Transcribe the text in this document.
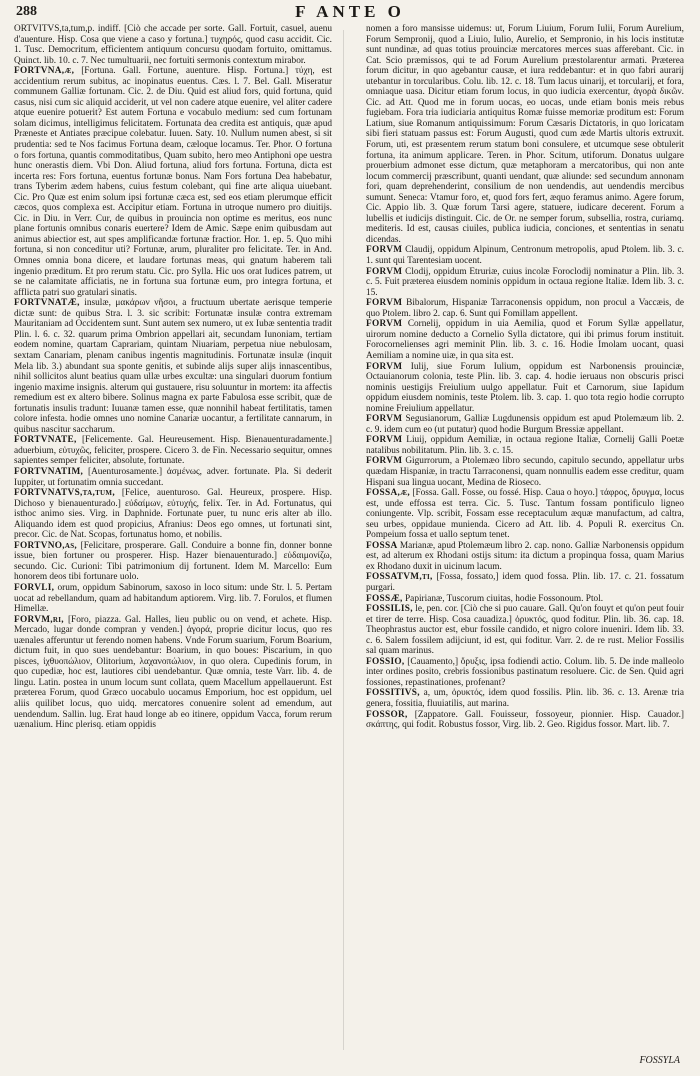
288	F ANTE O

ORTVITVS,ta,tum,p. indiff. [Ciò che accade per sorte. Gall. Fortuit, casuel, auenu d'auenture. Hisp. Cosa que viene a caso y fortuna.] τυχηρός, quod casu accidit. Cic. 1. Tusc. Democritum, efficientem antiquum concursu quodam fortuito, omittamus. Quinct. lib. 10. c. 7. Nec tumultuarii, nec fortuiti sermonis contextum mirabor.

FORTVNA,æ, [Fortuna. Gall. Fortune, auenture. Hisp. Fortuna.] τύχη, est accidentium rerum subitus, ac inopinatus euentus. Cæs. l. 7. Bel. Gall. Miseratur communem Galliæ fortunam. Cic. 2. de Diu. Quid est aliud fors, quid fortuna, quid casus, nisi cum sic aliquid acciderit, ut vel non cadere atque euenire, vel aliter cadere atque euenire potuerit? Est autem Fortuna e vocabulo medium: sed cum fortunam solam dicimus, intelligimus felicitatem. Fortunata dea credita est antiquis, quæ apud Præneste et Antiates præcipue colebatur. Iuuen. Saty. 10. Nullum numen abest, si sit prudentia: sed te Nos facimus Fortuna deam, cæloque locamus. Ter. Phor. O fortuna o fors fortuna, quantis commoditatibus, Quam subito, hero meo Antiphoni ope uestra hunc onerastis diem. Vbi Don. Aliud fortuna, aliud fors fortuna. Fortuna, dicta est incerta res: Fors fortuna, euentus fortunæ bonus. Nam Fors fortuna Dea habebatur, trans Tyberim ædem habens, cuius festum colebant, qui fine arte aliqua uiuebant. Cic. Pro Quæ est enim solum ipsi fortunæ cæca est, sed eos etiam plerumque efficit cæcos, quos complexa est. Accipitur etiam. Fortuna in utroque numero pro diuitijs. Cic. in Diu. in Verr. Cur, de quibus in prouincia non optime es meritus, eos nunc plane fortunis omnibus conaris euertere? Idem de Amic. Sæpe enim quibusdam aut animus abiectior est, aut spes amplificandæ fortunæ fractior. Hor. 1. ep. 5. Quo mihi fortuna, si non conceditur uti? Fortunæ, arum, pluraliter pro felicitate. Ter. in And. Omnes omnia bona dicere, et laudare fortunas meas, qui gnatum haberem tali ingenio præditum. Et pro rerum statu. Cic. pro Sylla. Hic uos orat Iudices patrem, ut se ne calamitate afficiatis, ne in fortuna sua fortunæ eum, pro integra fortuna, et afflicta patri suo gratulari sinatis.

FORTVNATÆ, insulæ, μακάρων νῆσοι, a fructuum ubertate aerisque temperie dictæ sunt: de quibus Stra. l. 3. sic scribit: Fortunatæ insulæ contra extremam Mauritaniam ad Occidentem sunt. Sunt autem sex numero, ut ex Iubæ sententia tradit Plin. l. 6. c. 32. quarum prima Ombrion appellari ait, secundam Iunoniam, tertiam eodem nomine, quartam Caprariam, quintam Niuariam, perpetua niue nebulosam, sextam Canariam, plenam canibus ingentis magnitudinis. Fortunatæ insulæ (inquit Mela lib. 3.) abundant sua sponte genitis, et subinde alijs super alijs innascentibus, nihil sollicitos alunt beatius quam ullæ urbes excultæ: una singulari duorum fontium ingenio maxime insignis. alterum qui gustauere, risu soluuntur in mortem: ita affectis remedium est ex altero bibere. Solinus magna ex parte Fabulosa esse scribit, quæ de fortunatis insulis tradunt: Iuuanæ tamen esse, quæ nonnihil habeat fertilitatis, tamen colore infesta. hodie omnes uno nomine Canariæ uocantur, a fertilitate cannarum, in quibus nascitur saccharum.

FORTVNATE, [Felicemente. Gal. Heureusement. Hisp. Bienauenturadamente.] aduerbium, εὐτυχῶς, feliciter, prospere. Cicero 3. de Fin. Necessario sequitur, omnes sapientes semper feliciter, absolute, fortunate.

FORTVNATIM, [Auenturosamente.] ἀσμένως, adver. fortunate. Pla. Si dederit Iuppiter, ut fortunatim omnia succedant.

FORTVNATVS,ta,tum, [Felice, auenturoso. Gal. Heureux, prospere. Hisp. Dichoso y bienauenturado.] εὐδαίμων, εὐτυχής, felix. Ter. in Ad. Fortunatus, qui isthoc animo sies. Virg. in Daphnide. Fortunate puer, tu nunc eris alter ab illo. Aliquando idem est quod propicius, Afranius: Deos ego omnes, ut fortunati sint, precor. Cic. de Nat. Scopas, fortunatus homo, et nobilis.

FORTVNO,as, [Felicitare, prosperare. Gall. Conduire a bonne fin, donner bonne issue, bien fortuner ou prosperer. Hisp. Hazer bienauenturado.] εὐδαιμονίζω, secundo. Cic. Curioni: Tibi patrimonium dij fortunent. Idem M. Marcello: Eum honorem deos tibi fortunare uolo.

FORVLI, orum, oppidum Sabinorum, saxoso in loco situm: unde Str. l. 5. Pertam uocat ad rebellandum, quam ad habitandum aptiorem. Virg. lib. 7. Forulos, et flumen Himellæ.

FORVM,ri, [Foro, piazza. Gal. Halles, lieu public ou on vend, et achete. Hisp. Mercado, lugar donde compran y venden.] ἀγορά, proprie dicitur locus, quo res uænales afferuntur ut ferendo nomen habens. Vnde Forum suarium, Forum Boarium, dictum fuit, in quo sues uendebantur: Boarium, in quo boues: Piscarium, in quo pisces, ἰχθυοπώλιον, Olitorium, λαχανοπώλιον, in quo olera. Cupedinis forum, in quo cupediæ, hoc est, lautiores cibi uendebantur. Quæ omnia, teste Varr. lib. 4. de lingu. Latin. postea in unum locum sunt collata, quem Macellum appellauerunt. Est præterea Forum, quod Græco uocabulo uocamus Emporium, hoc est oppidum, uel aliis quilibet locus, quo uidq. mercatores conuenire solent ad emendum, aut uendendum. Sallin. lug. Erat haud longe ab eo itinere, oppidum Vacca, forum rerum uænalium. Hinc plerisq. etiam oppidis

nomen a foro mansisse uidemus: ut, Forum Liuium, Forum Iulii, Forum Aurelium, Forum Sempronij, quod a Liuio, Iulio, Aurelio, et Sempronio, in his locis institutæ sunt nundinæ, ad quas totius prouinciæ mercatores merces suas afferebant. Cic. in Cat. Scio præmissos, qui te ad Forum Aurelium præstolarentur armati. Præterea forum dicitur, in quo agebantur causæ, et iura reddebantur: et in quo fabri aurarij utebantur in torcularibus. Colu. lib. 12. c. 18. Tum lacus uinarij, et torcularij, et fora, omniaque uasa. Dicitur etiam forum locus, in quo iudicia exercentur, ἀγορὰ δικῶν. Cic. ad Att. Quod me in forum uocas, eo uocas, unde etiam bonis meis rebus fugiebam. Fora tria iudiciaria antiquitus Romæ fuisse memoriæ proditum est: Forum Latium, siue Romanum antiquissimum: Forum Cæsaris Dictatoris, in quo loricatam sibi fieri statuam passus est: Forum Augusti, quod cum æde Martis ultoris extruxit. Forum, uti, est præsentem rerum statum boni consulere, et utcumque sese obtulerit fortuna, ita animum applicare. Teren. in Phor. Scitum, utiforum. Donatus uulgare prouerbium admonet esse dictum, quæ metaphoram a mercatoribus, qui non ante locum commercij præscribunt, quanti uendant, quæ aliunde: sed secundum annonam fori, quam deprehenderint, consilium de non uendendis, aut uendendis mercibus sumunt. Seneca: Vtamur foro, et, quod fors fert, æquo feramus animo. Agere forum, Cic. Appio lib. 3. Quæ forum Tarsi agere, statuere, iudicare decerent. Forum a lubellis et iudicijs distinguit. Cic. de Or. ne semper forum, subsellia, rostra, curiamq. mediteris. Id est, causas ciuiles, publica iudicia, conciones, et sententias in senatu dicendas.

FORVM Claudij, oppidum Alpinum, Centronum metropolis, apud Ptolem. lib. 3. c. 1. sunt qui Tarentesiam uocent.

FORVM Clodij, oppidum Etruriæ, cuius incolæ Foroclodij nominatur a Plin. lib. 3. c. 5. Fuit præterea eiusdem nominis oppidum in octaua regione Italiæ. Idem lib. 3. c. 15.

FORVM Bibalorum, Hispaniæ Tarraconensis oppidum, non procul a Vaccæis, de quo Ptolem. libro 2. cap. 6. Sunt qui Fomillam appellent.

FORVM Cornelij, oppidum in uia Aemilia, quod et Forum Syllæ appellatur, uirorum nomine deducto a Cornelio Sylla dictatore, qui ibi primus forum instituit. Forocornelienses agri meminit Plin. lib. 3. c. 16. Hodie Imolam uocant, quasi Aemiliam a nomine uiæ, in qua sita est.

FORVM Iulij, siue Forum Iulium, oppidum est Narbonensis prouinciæ, Octauianorum colonia, teste Plin. lib. 3. cap. 4. hodie ieruaus non obscuris prisci nominis uestigijs Freiulium uulgo appellatur. Fuit et Carnorum, siue Iapidum oppidum eiusdem nominis, teste Ptolem. lib. 3. cap. 1. quo tota regio hodie corrupto nomine Freiulium appellatur.

FORVM Segusianorum, Galliæ Lugdunensis oppidum est apud Ptolemæum lib. 2. c. 9. idem cum eo (ut putatur) quod hodie Burgum Bressiæ appellant.

FORVM Liuij, oppidum Aemiliæ, in octaua regione Italiæ, Cornelij Galli Poetæ natalibus nobilitatum. Plin. lib. 3. c. 15.

FORVM Gigurrorum, a Ptolemæo libro secundo, capitulo secundo, appellatur urbs quædam Hispaniæ, in tractu Tarraconensi, quam nonnullis eadem esse creditur, quam Hispani sua lingua uocant, Medina de Rioseco.

FOSSA,æ, [Fossa. Gall. Fosse, ou fossé. Hisp. Caua o hoyo.] τάφρος, ὄρυγμα, locus est, unde effossa est terra. Cic. 5. Tusc. Tantum fossam pontificulo ligneo coniungente. Vlp. scribit, Fossam esse receptaculum æquæ manufactum, ad caltra, seu urbes, oppidaue munienda. Cicero ad Att. lib. 4. Populi R. exercitus Cn. Pompeium fossa et uallo septum tenet.

FOSSA Marianæ, apud Ptolemæum libro 2. cap. nono. Galliæ Narbonensis oppidum est, ad alterum ex Rhodani ostijs situm: ita dictum a propinqua fossa, quam Marius ex Rhodano duxit in uicinum lacum.

FOSSATVM,ti, [Fossa, fossato,] idem quod fossa. Plin. lib. 17. c. 21. fossatum purgari.

FOSSÆ, Papirianæ, Tuscorum ciuitas, hodie Fossonoum. Ptol.

FOSSILIS, le, pen. cor. [Ciò che si puo cauare. Gall. Qu'on fouyt et qu'on peut fouir et tirer de terre. Hisp. Cosa cauadiza.] ὀρυκτός, quod foditur. Plin. lib. 36. cap. 18. Theophrastus auctor est, ebur fossile candido, et nigro colore inueniri. Idem lib. 33. c. 6. Salem fossilem adijciunt, id est, qui foditur. Varr. 2. de re rust. Melior Fossilis sal quam marinus.

FOSSIO, [Cauamento,] ὄρυξις, ipsa fodiendi actio. Colum. lib. 5. De inde malleolo inter ordines posito, crebris fossionibus pastinatum resoluere. Cic. de Sen. Quid agri fossiones, repastinationes, profenant?

FOSSITIVS, a, um, ὀρυκτός, idem quod fossilis. Plin. lib. 36. c. 13. Arenæ tria genera, fossitia, fluuiatilis, aut marina.

FOSSOR, [Zappatore. Gall. Fouisseur, fossoyeur, pionnier. Hisp. Cauador.] σκάπτης, qui fodit. Robustus fossor, Virg. lib. 2. Geo. Rigidus fossor. Mart. lib. 7.

FOSSYLA
